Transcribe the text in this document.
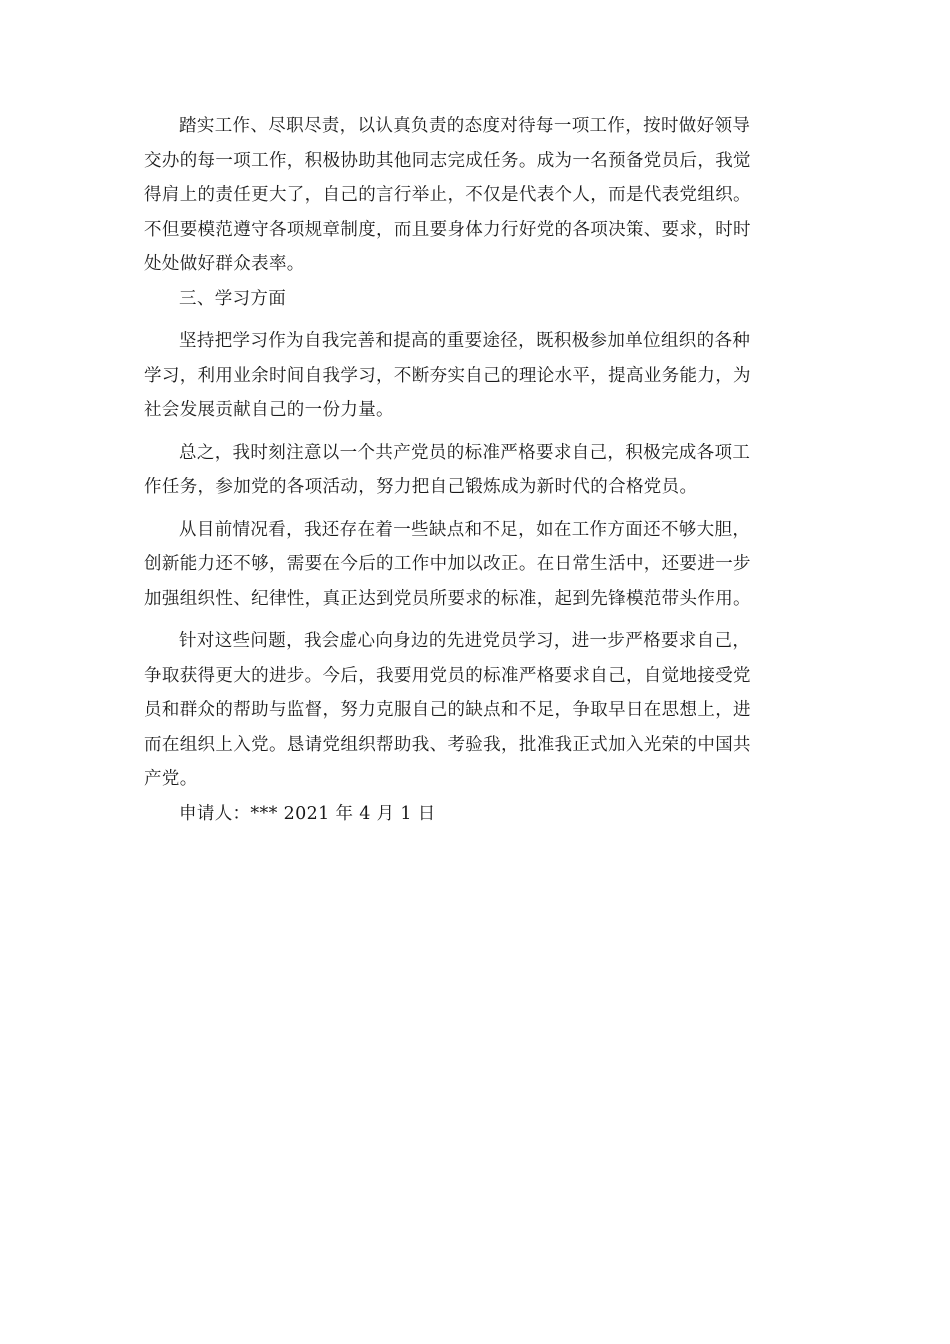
踏实工作、尽职尽责，以认真负责的态度对待每一项工作，按时做好领导
交办的每一项工作，积极协助其他同志完成任务。成为一名预备党员后，我觉
得肩上的责任更大了，自己的言行举止，不仅是代表个人，而是代表党组织。
不但要模范遵守各项规章制度，而且要身体力行好党的各项决策、要求，时时
处处做好群众表率。

三、学习方面

坚持把学习作为自我完善和提高的重要途径，既积极参加单位组织的各种
学习，利用业余时间自我学习，不断夯实自己的理论水平，提高业务能力，为
社会发展贡献自己的一份力量。

总之，我时刻注意以一个共产党员的标准严格要求自己，积极完成各项工
作任务，参加党的各项活动，努力把自己锻炼成为新时代的合格党员。

从目前情况看，我还存在着一些缺点和不足，如在工作方面还不够大胆，
创新能力还不够，需要在今后的工作中加以改正。在日常生活中，还要进一步
加强组织性、纪律性，真正达到党员所要求的标准，起到先锋模范带头作用。

针对这些问题，我会虚心向身边的先进党员学习，进一步严格要求自己，
争取获得更大的进步。今后，我要用党员的标准严格要求自己，自觉地接受党
员和群众的帮助与监督，努力克服自己的缺点和不足，争取早日在思想上，进
而在组织上入党。恳请党组织帮助我、考验我，批准我正式加入光荣的中国共
产党。

申请人：*** 2021 年 4 月 1 日
